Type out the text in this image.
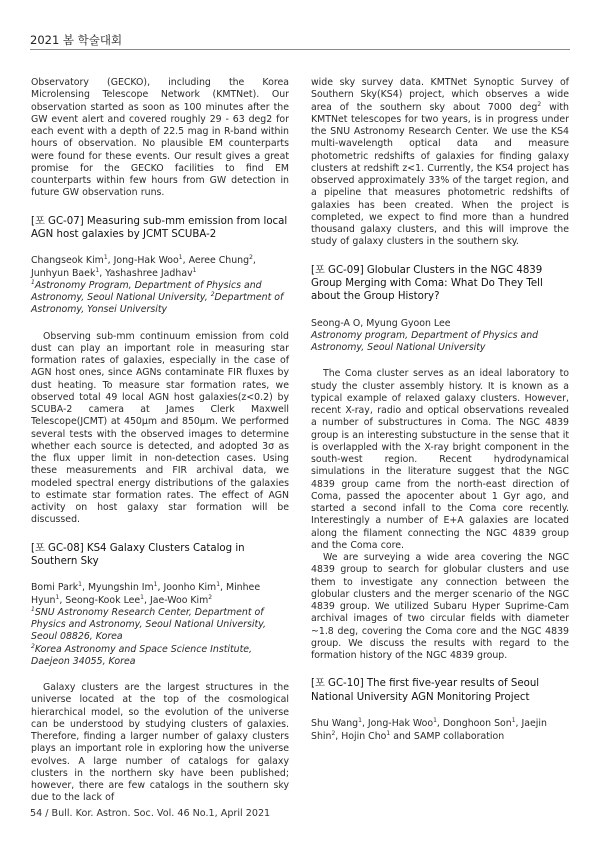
2021 봄 학술대회

Observatory (GECKO), including the Korea Microlensing Telescope Network (KMTNet). Our observation started as soon as 100 minutes after the GW event alert and covered roughly 29 - 63 deg2 for each event with a depth of 22.5 mag in R-band within hours of observation. No plausible EM counterparts were found for these events. Our result gives a great promise for the GECKO facilities to find EM counterparts within few hours from GW detection in future GW observation runs.

[포 GC-07] Measuring sub-mm emission from local AGN host galaxies by JCMT SCUBA-2

Changseok Kim$^1$, Jong-Hak Woo$^1$, Aeree Chung$^2$, Junhyun Baek$^1$, Yashashree Jadhav$^1$

$^1$Astronomy Program, Department of Physics and Astronomy, Seoul National University, $^2$Department of Astronomy, Yonsei University

Observing sub-mm continuum emission from cold dust can play an important role in measuring star formation rates of galaxies, especially in the case of AGN host ones, since AGNs contaminate FIR fluxes by dust heating. To measure star formation rates, we observed total 49 local AGN host galaxies(z<0.2) by SCUBA-2 camera at James Clerk Maxwell Telescope(JCMT) at 450μm and 850μm. We performed several tests with the observed images to determine whether each source is detected, and adopted 3σ as the flux upper limit in non-detection cases. Using these measurements and FIR archival data, we modeled spectral energy distributions of the galaxies to estimate star formation rates. The effect of AGN activity on host galaxy star formation will be discussed.

[포 GC-08] KS4 Galaxy Clusters Catalog in Southern Sky

Bomi Park$^1$, Myungshin Im$^1$, Joonho Kim$^1$, Minhee Hyun$^1$, Seong-Kook Lee$^1$, Jae-Woo Kim$^2$

$^1$SNU Astronomy Research Center, Department of Physics and Astronomy, Seoul National University, Seoul 08826, Korea

$^2$Korea Astronomy and Space Science Institute, Daejeon 34055, Korea

Galaxy clusters are the largest structures in the universe located at the top of the cosmological hierarchical model, so the evolution of the universe can be understood by studying clusters of galaxies. Therefore, finding a larger number of galaxy clusters plays an important role in exploring how the universe evolves. A large number of catalogs for galaxy clusters in the northern sky have been published; however, there are few catalogs in the southern sky due to the lack of

wide sky survey data. KMTNet Synoptic Survey of Southern Sky(KS4) project, which observes a wide area of the southern sky about 7000 deg$^2$ with KMTNet telescopes for two years, is in progress under the SNU Astronomy Research Center. We use the KS4 multi-wavelength optical data and measure photometric redshifts of galaxies for finding galaxy clusters at redshift z<1. Currently, the KS4 project has observed approximately 33% of the target region, and a pipeline that measures photometric redshifts of galaxies has been created. When the project is completed, we expect to find more than a hundred thousand galaxy clusters, and this will improve the study of galaxy clusters in the southern sky.

[포 GC-09] Globular Clusters in the NGC 4839 Group Merging with Coma: What Do They Tell about the Group History?

Seong-A O, Myung Gyoon Lee

Astronomy program, Department of Physics and Astronomy, Seoul National University

The Coma cluster serves as an ideal laboratory to study the cluster assembly history. It is known as a typical example of relaxed galaxy clusters. However, recent X-ray, radio and optical observations revealed a number of substructures in Coma. The NGC 4839 group is an interesting substucture in the sense that it is overlappled with the X-ray bright component in the south-west region. Recent hydrodynamical simulations in the literature suggest that the NGC 4839 group came from the north-east direction of Coma, passed the apocenter about 1 Gyr ago, and started a second infall to the Coma core recently. Interestingly a number of E+A galaxies are located along the filament connecting the NGC 4839 group and the Coma core.

We are surveying a wide area covering the NGC 4839 group to search for globular clusters and use them to investigate any connection between the globular clusters and the merger scenario of the NGC 4839 group. We utilized Subaru Hyper Suprime-Cam archival images of two circular fields with diameter ~1.8 deg, covering the Coma core and the NGC 4839 group. We discuss the results with regard to the formation history of the NGC 4839 group.

[포 GC-10] The first five-year results of Seoul National University AGN Monitoring Project

Shu Wang$^1$, Jong-Hak Woo$^1$, Donghoon Son$^1$, Jaejin Shin$^2$, Hojin Cho$^1$ and SAMP collaboration

54 / Bull. Kor. Astron. Soc. Vol. 46 No.1, April 2021
